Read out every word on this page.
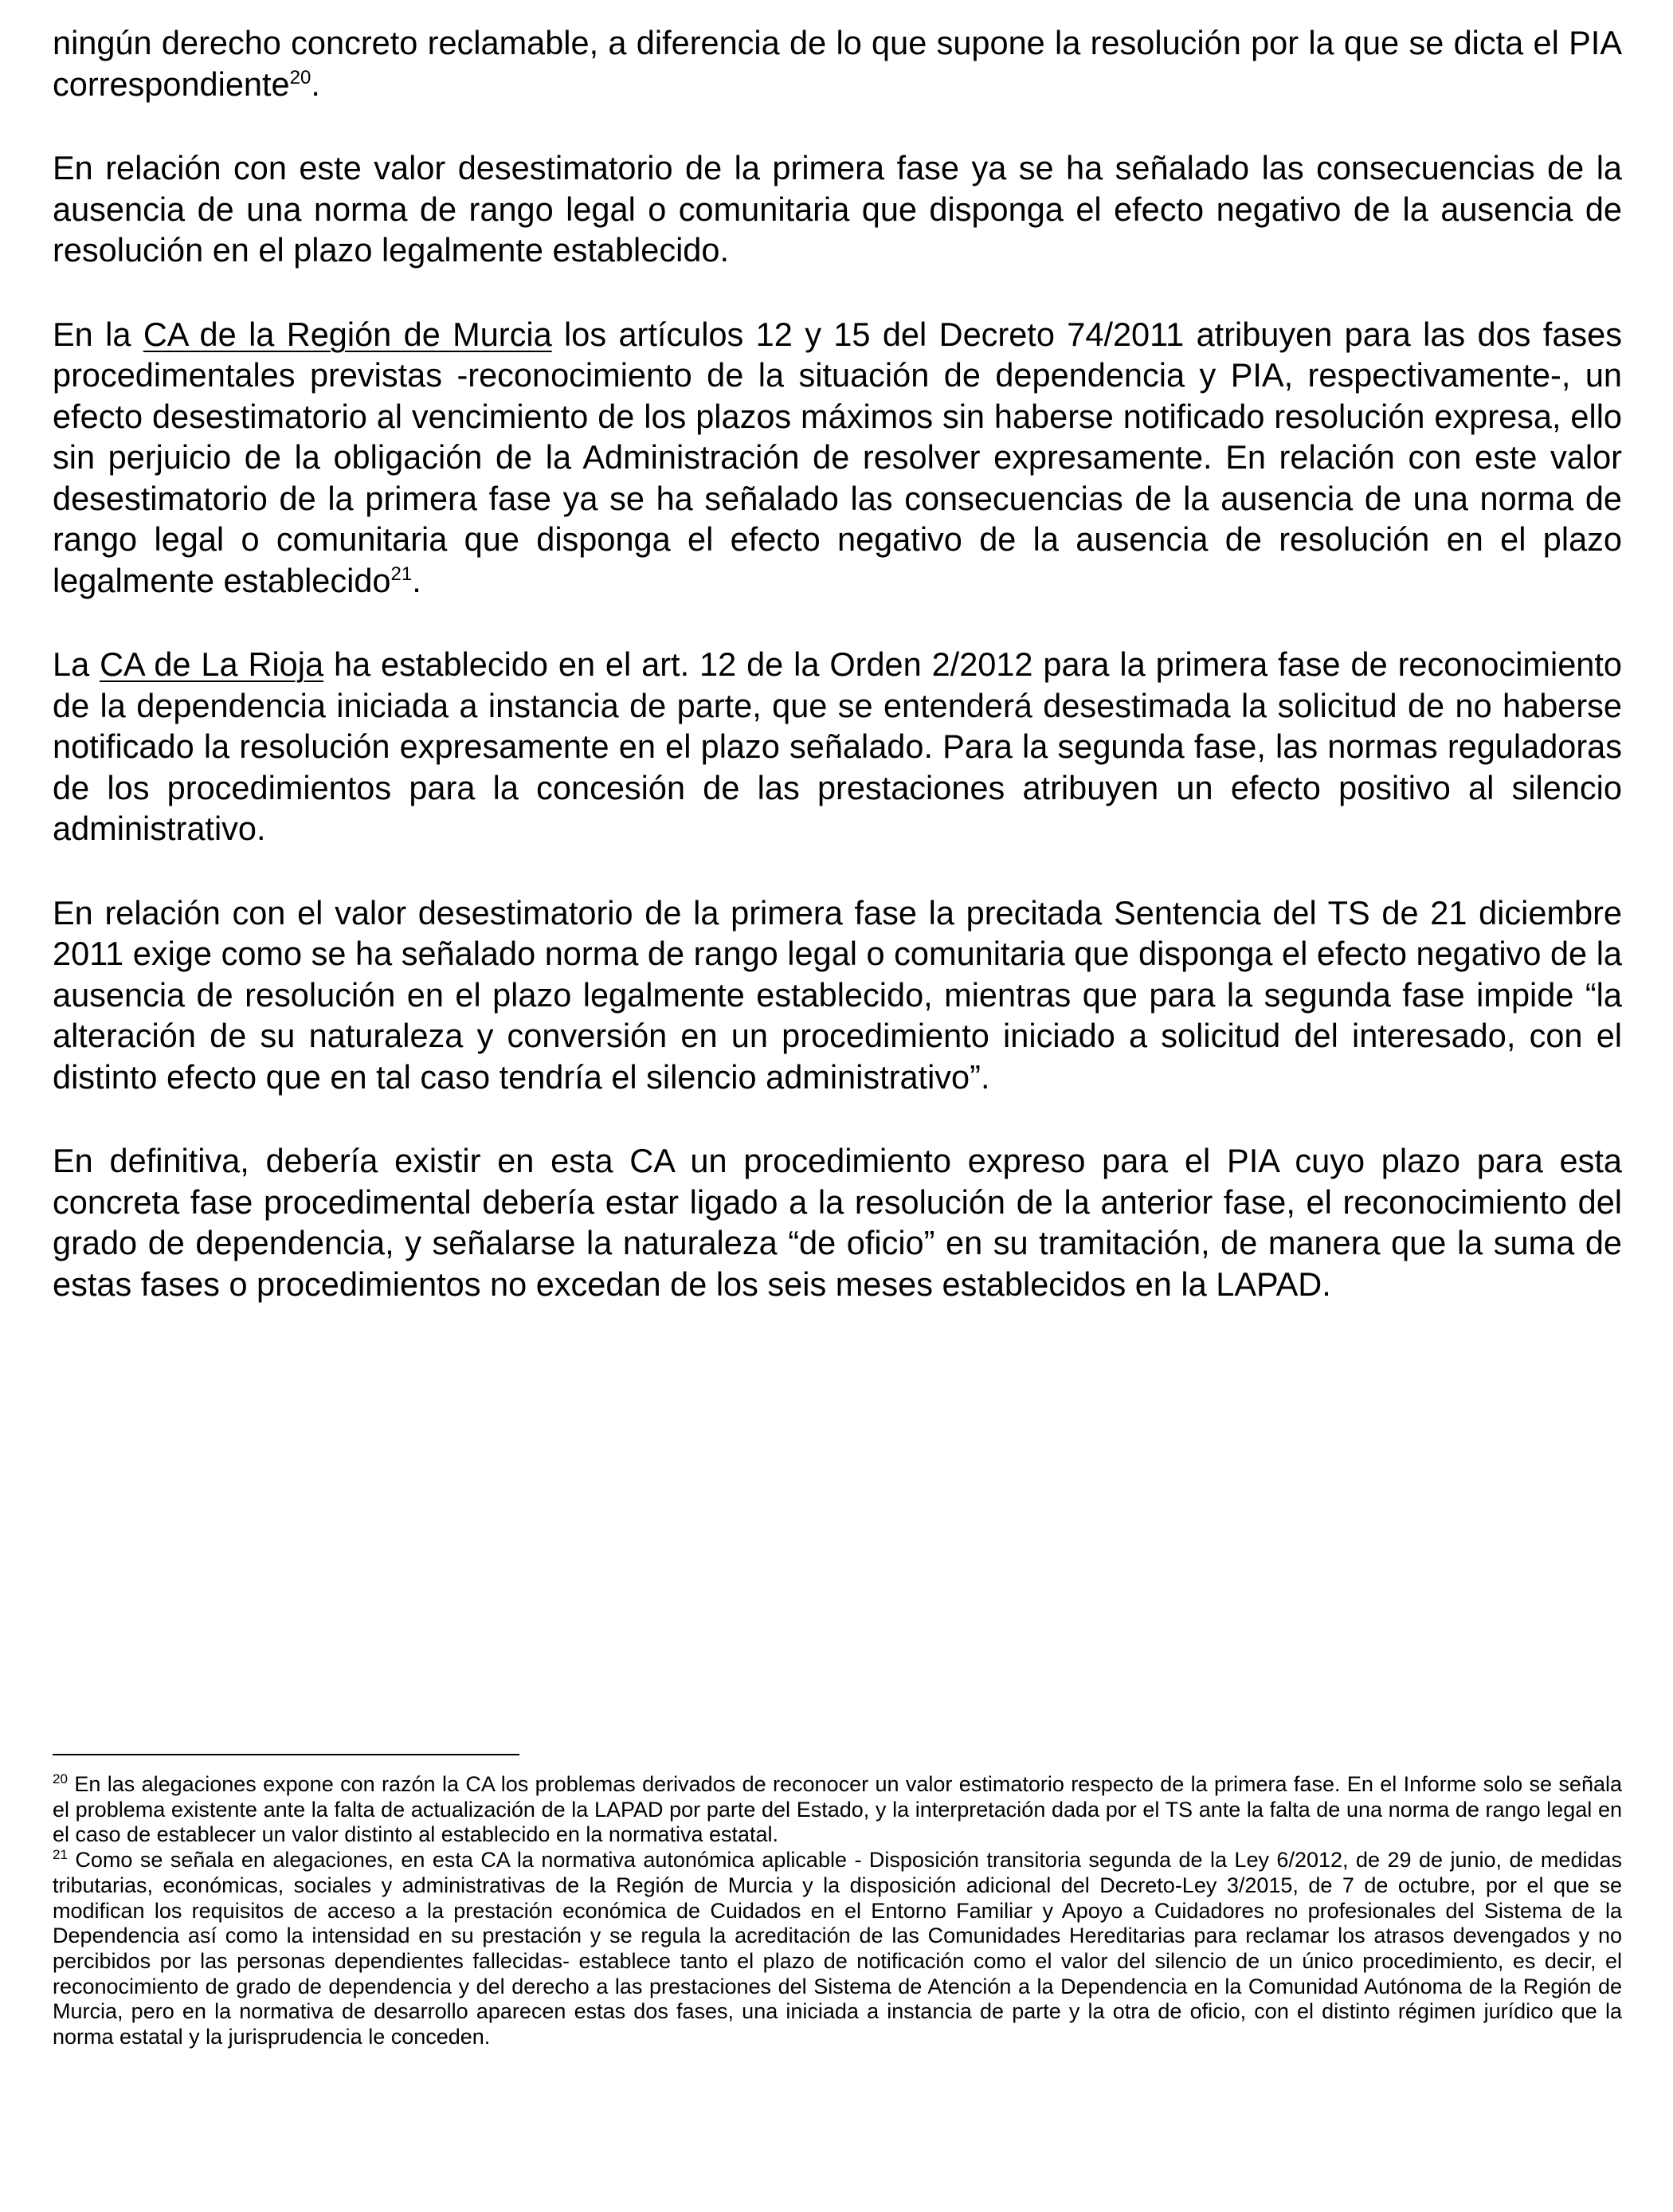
ningún derecho concreto reclamable, a diferencia de lo que supone la resolución por la que se dicta el PIA correspondiente$^{20}$.

En relación con este valor desestimatorio de la primera fase ya se ha señalado las consecuencias de la ausencia de una norma de rango legal o comunitaria que disponga el efecto negativo de la ausencia de resolución en el plazo legalmente establecido.

En la CA de la Región de Murcia los artículos 12 y 15 del Decreto 74/2011 atribuyen para las dos fases procedimentales previstas -reconocimiento de la situación de dependencia y PIA, respectivamente-, un efecto desestimatorio al vencimiento de los plazos máximos sin haberse notificado resolución expresa, ello sin perjuicio de la obligación de la Administración de resolver expresamente. En relación con este valor desestimatorio de la primera fase ya se ha señalado las consecuencias de la ausencia de una norma de rango legal o comunitaria que disponga el efecto negativo de la ausencia de resolución en el plazo legalmente establecido$^{21}$.

La CA de La Rioja ha establecido en el art. 12 de la Orden 2/2012 para la primera fase de reconocimiento de la dependencia iniciada a instancia de parte, que se entenderá desestimada la solicitud de no haberse notificado la resolución expresamente en el plazo señalado. Para la segunda fase, las normas reguladoras de los procedimientos para la concesión de las prestaciones atribuyen un efecto positivo al silencio administrativo.

En relación con el valor desestimatorio de la primera fase la precitada Sentencia del TS de 21 diciembre 2011 exige como se ha señalado norma de rango legal o comunitaria que disponga el efecto negativo de la ausencia de resolución en el plazo legalmente establecido, mientras que para la segunda fase impide “la alteración de su naturaleza y conversión en un procedimiento iniciado a solicitud del interesado, con el distinto efecto que en tal caso tendría el silencio administrativo”.

En definitiva, debería existir en esta CA un procedimiento expreso para el PIA cuyo plazo para esta concreta fase procedimental debería estar ligado a la resolución de la anterior fase, el reconocimiento del grado de dependencia, y señalarse la naturaleza “de oficio” en su tramitación, de manera que la suma de estas fases o procedimientos no excedan de los seis meses establecidos en la LAPAD.

$^{20}$ En las alegaciones expone con razón la CA los problemas derivados de reconocer un valor estimatorio respecto de la primera fase. En el Informe solo se señala el problema existente ante la falta de actualización de la LAPAD por parte del Estado, y la interpretación dada por el TS ante la falta de una norma de rango legal en el caso de establecer un valor distinto al establecido en la normativa estatal.

$^{21}$ Como se señala en alegaciones, en esta CA la normativa autonómica aplicable - Disposición transitoria segunda de la Ley 6/2012, de 29 de junio, de medidas tributarias, económicas, sociales y administrativas de la Región de Murcia y la disposición adicional del Decreto-Ley 3/2015, de 7 de octubre, por el que se modifican los requisitos de acceso a la prestación económica de Cuidados en el Entorno Familiar y Apoyo a Cuidadores no profesionales del Sistema de la Dependencia así como la intensidad en su prestación y se regula la acreditación de las Comunidades Hereditarias para reclamar los atrasos devengados y no percibidos por las personas dependientes fallecidas- establece tanto el plazo de notificación como el valor del silencio de un único procedimiento, es decir, el reconocimiento de grado de dependencia y del derecho a las prestaciones del Sistema de Atención a la Dependencia en la Comunidad Autónoma de la Región de Murcia, pero en la normativa de desarrollo aparecen estas dos fases, una iniciada a instancia de parte y la otra de oficio, con el distinto régimen jurídico que la norma estatal y la jurisprudencia le conceden.
